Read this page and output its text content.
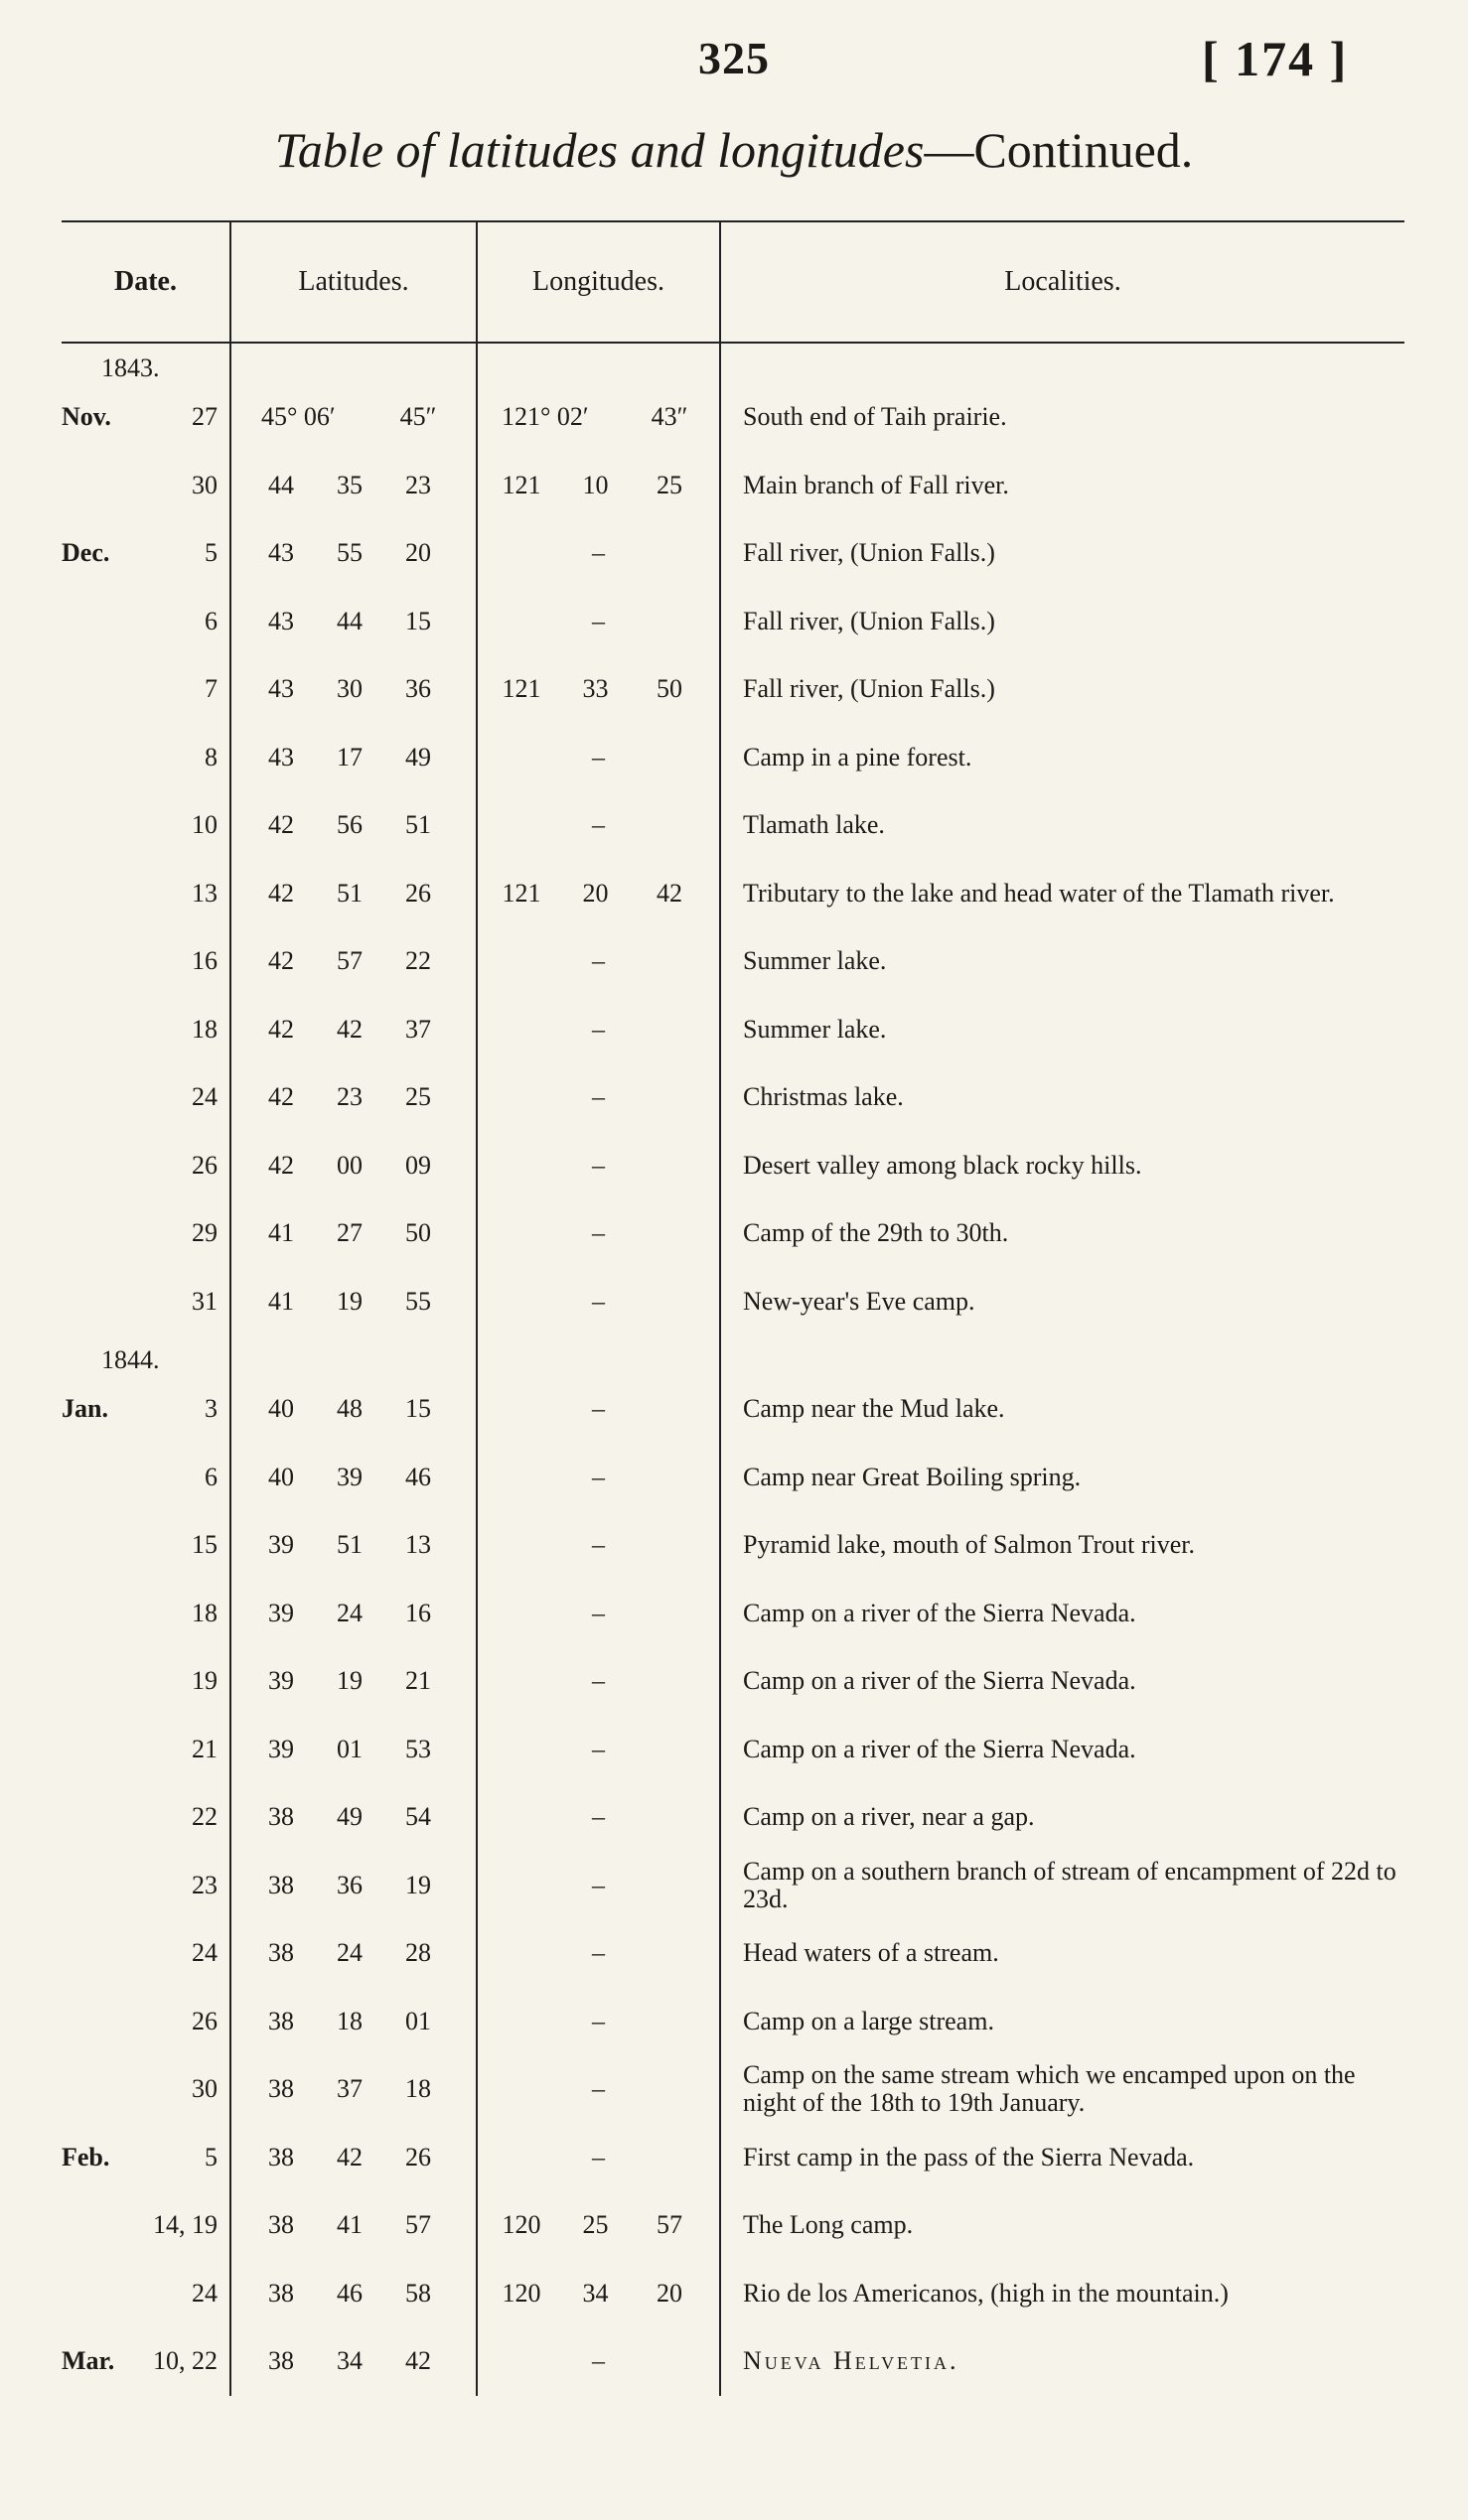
325	[ 174 ]
Table of latitudes and longitudes—Continued.
Date.	Latitudes.	Longitudes.	Localities.
1843.			

Nov. 27	45° 06′ 45″	121° 02′ 43″	South end of Taih prairie.

30	44 35 23	121 10 25	Main branch of Fall river.

Dec. 5	43 55 20	–	Fall river, (Union Falls.)

6	43 44 15	–	Fall river, (Union Falls.)

7	43 30 36	121 33 50	Fall river, (Union Falls.)

8	43 17 49	–	Camp in a pine forest.

10	42 56 51	–	Tlamath lake.

13	42 51 26	121 20 42	Tributary to the lake and head water of the Tlamath river.

16	42 57 22	–	Summer lake.

18	42 42 37	–	Summer lake.

24	42 23 25	–	Christmas lake.

26	42 00 09	–	Desert valley among black rocky hills.

29	41 27 50	–	Camp of the 29th to 30th.

31	41 19 55	–	New-year's Eve camp.
1844.			

Jan. 3	40 48 15	–	Camp near the Mud lake.

6	40 39 46	–	Camp near Great Boiling spring.

15	39 51 13	–	Pyramid lake, mouth of Salmon Trout river.

18	39 24 16	–	Camp on a river of the Sierra Nevada.

19	39 19 21	–	Camp on a river of the Sierra Nevada.

21	39 01 53	–	Camp on a river of the Sierra Nevada.

22	38 49 54	–	Camp on a river, near a gap.

23	38 36 19	–	Camp on a southern branch of stream of encampment of 22d to 23d.

24	38 24 28	–	Head waters of a stream.

26	38 18 01	–	Camp on a large stream.

30	38 37 18	–	Camp on the same stream which we encamped upon on the night of the 18th to 19th January.

Feb. 5	38 42 26	–	First camp in the pass of the Sierra Nevada.

14, 19	38 41 57	120 25 57	The Long camp.

24	38 46 58	120 34 20	Rio de los Americanos, (high in the mountain.)

Mar. 10, 22	38 34 42	–	Nueva Helvetia.
